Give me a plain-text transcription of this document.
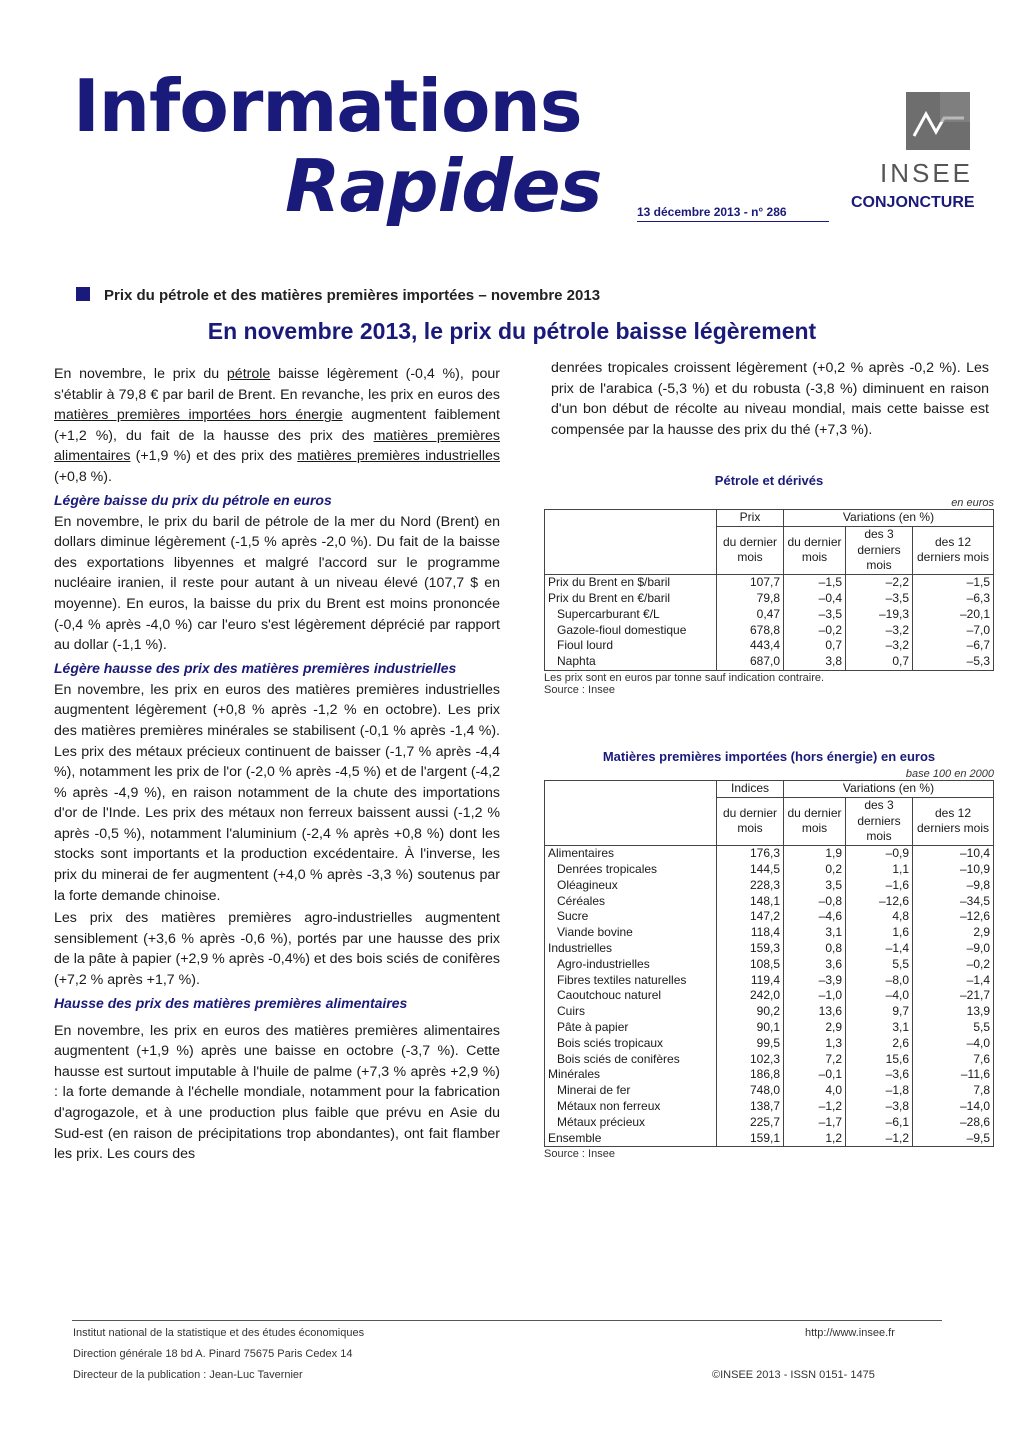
Informations
Rapides	13 décembre 2013 - n° 286
INSEE
CONJONCTURE
Prix du pétrole et des matières premières importées – novembre 2013
En novembre 2013, le prix du pétrole baisse légèrement

En novembre, le prix du pétrole baisse légèrement (-0,4 %), pour s'établir à 79,8 € par baril de Brent. En revanche, les prix en euros des matières premières importées hors énergie augmentent faiblement (+1,2 %), du fait de la hausse des prix des matières premières alimentaires (+1,9 %) et des prix des matières premières industrielles (+0,8 %).

Légère baisse du prix du pétrole en euros

En novembre, le prix du baril de pétrole de la mer du Nord (Brent) en dollars diminue légèrement (-1,5 % après -2,0 %). Du fait de la baisse des exportations libyennes et malgré l'accord sur le programme nucléaire iranien, il reste pour autant à un niveau élevé (107,7 $ en moyenne). En euros, la baisse du prix du Brent est moins prononcée (-0,4 % après -4,0 %) car l'euro s'est légèrement déprécié par rapport au dollar (-1,1 %).

Légère hausse des prix des matières premières industrielles

En novembre, les prix en euros des matières premières industrielles augmentent légèrement (+0,8 % après -1,2 % en octobre). Les prix des matières premières minérales se stabilisent (-0,1 % après -1,4 %). Les prix des métaux précieux continuent de baisser (-1,7 % après -4,4 %), notamment les prix de l'or (-2,0 % après -4,5 %) et de l'argent (-4,2 % après -4,9 %), en raison notamment de la chute des importations d'or de l'Inde. Les prix des métaux non ferreux baissent aussi (-1,2 % après -0,5 %), notamment l'aluminium (-2,4 % après +0,8 %) dont les stocks sont importants et la production excédentaire. À l'inverse, les prix du minerai de fer augmentent (+4,0 % après -3,3 %) soutenus par la forte demande chinoise.

Les prix des matières premières agro-industrielles augmentent sensiblement (+3,6 % après -0,6 %), portés par une hausse des prix de la pâte à papier (+2,9 % après -0,4%) et des bois sciés de conifères (+7,2 % après +1,7 %).

Hausse des prix des matières premières alimentaires

En novembre, les prix en euros des matières premières alimentaires augmentent (+1,9 %) après une baisse en octobre (-3,7 %). Cette hausse est surtout imputable à l'huile de palme (+7,3 % après +2,9 %) : la forte demande à l'échelle mondiale, notamment pour la fabrication d'agrogazole, et à une production plus faible que prévu en Asie du Sud-est (en raison de précipitations trop abondantes), ont fait flamber les prix. Les cours des

denrées tropicales croissent légèrement (+0,2 % après -0,2 %). Les prix de l'arabica (-5,3 %) et du robusta (-3,8 %) diminuent en raison d'un bon début de récolte au niveau mondial, mais cette baisse est compensée par la hausse des prix du thé (+7,3 %).

Pétrole et dérivés
en euros
	Prix	Variations (en %)		
	du dernier mois	du dernier mois	des 3 derniers mois	des 12 derniers mois
Prix du Brent en $/baril	107,7	–1,5	–2,2	–1,5
Prix du Brent en €/baril	79,8	–0,4	–3,5	–6,3
Supercarburant €/L	0,47	–3,5	–19,3	–20,1
Gazole-fioul domestique	678,8	–0,2	–3,2	–7,0
Fioul lourd	443,4	0,7	–3,2	–6,7
Naphta	687,0	3,8	0,7	–5,3
Les prix sont en euros par tonne sauf indication contraire.
Source : Insee
Matières premières importées (hors énergie) en euros
base 100 en 2000
	Indices	Variations (en %)		
	du dernier mois	du dernier mois	des 3 derniers mois	des 12 derniers mois
Alimentaires	176,3	1,9	–0,9	–10,4
Denrées tropicales	144,5	0,2	1,1	–10,9
Oléagineux	228,3	3,5	–1,6	–9,8
Céréales	148,1	–0,8	–12,6	–34,5
Sucre	147,2	–4,6	4,8	–12,6
Viande bovine	118,4	3,1	1,6	2,9
Industrielles	159,3	0,8	–1,4	–9,0
Agro-industrielles	108,5	3,6	5,5	–0,2
Fibres textiles naturelles	119,4	–3,9	–8,0	–1,4
Caoutchouc naturel	242,0	–1,0	–4,0	–21,7
Cuirs	90,2	13,6	9,7	13,9
Pâte à papier	90,1	2,9	3,1	5,5
Bois sciés tropicaux	99,5	1,3	2,6	–4,0
Bois sciés de conifères	102,3	7,2	15,6	7,6
Minérales	186,8	–0,1	–3,6	–11,6
Minerai de fer	748,0	4,0	–1,8	7,8
Métaux non ferreux	138,7	–1,2	–3,8	–14,0
Métaux précieux	225,7	–1,7	–6,1	–28,6
Ensemble	159,1	1,2	–1,2	–9,5
Source : Insee
Institut national de la statistique et des études économiques
Direction générale 18 bd A. Pinard 75675 Paris Cedex 14
Directeur de la publication : Jean-Luc Tavernier
http://www.insee.fr
©INSEE 2013 - ISSN 0151- 1475
